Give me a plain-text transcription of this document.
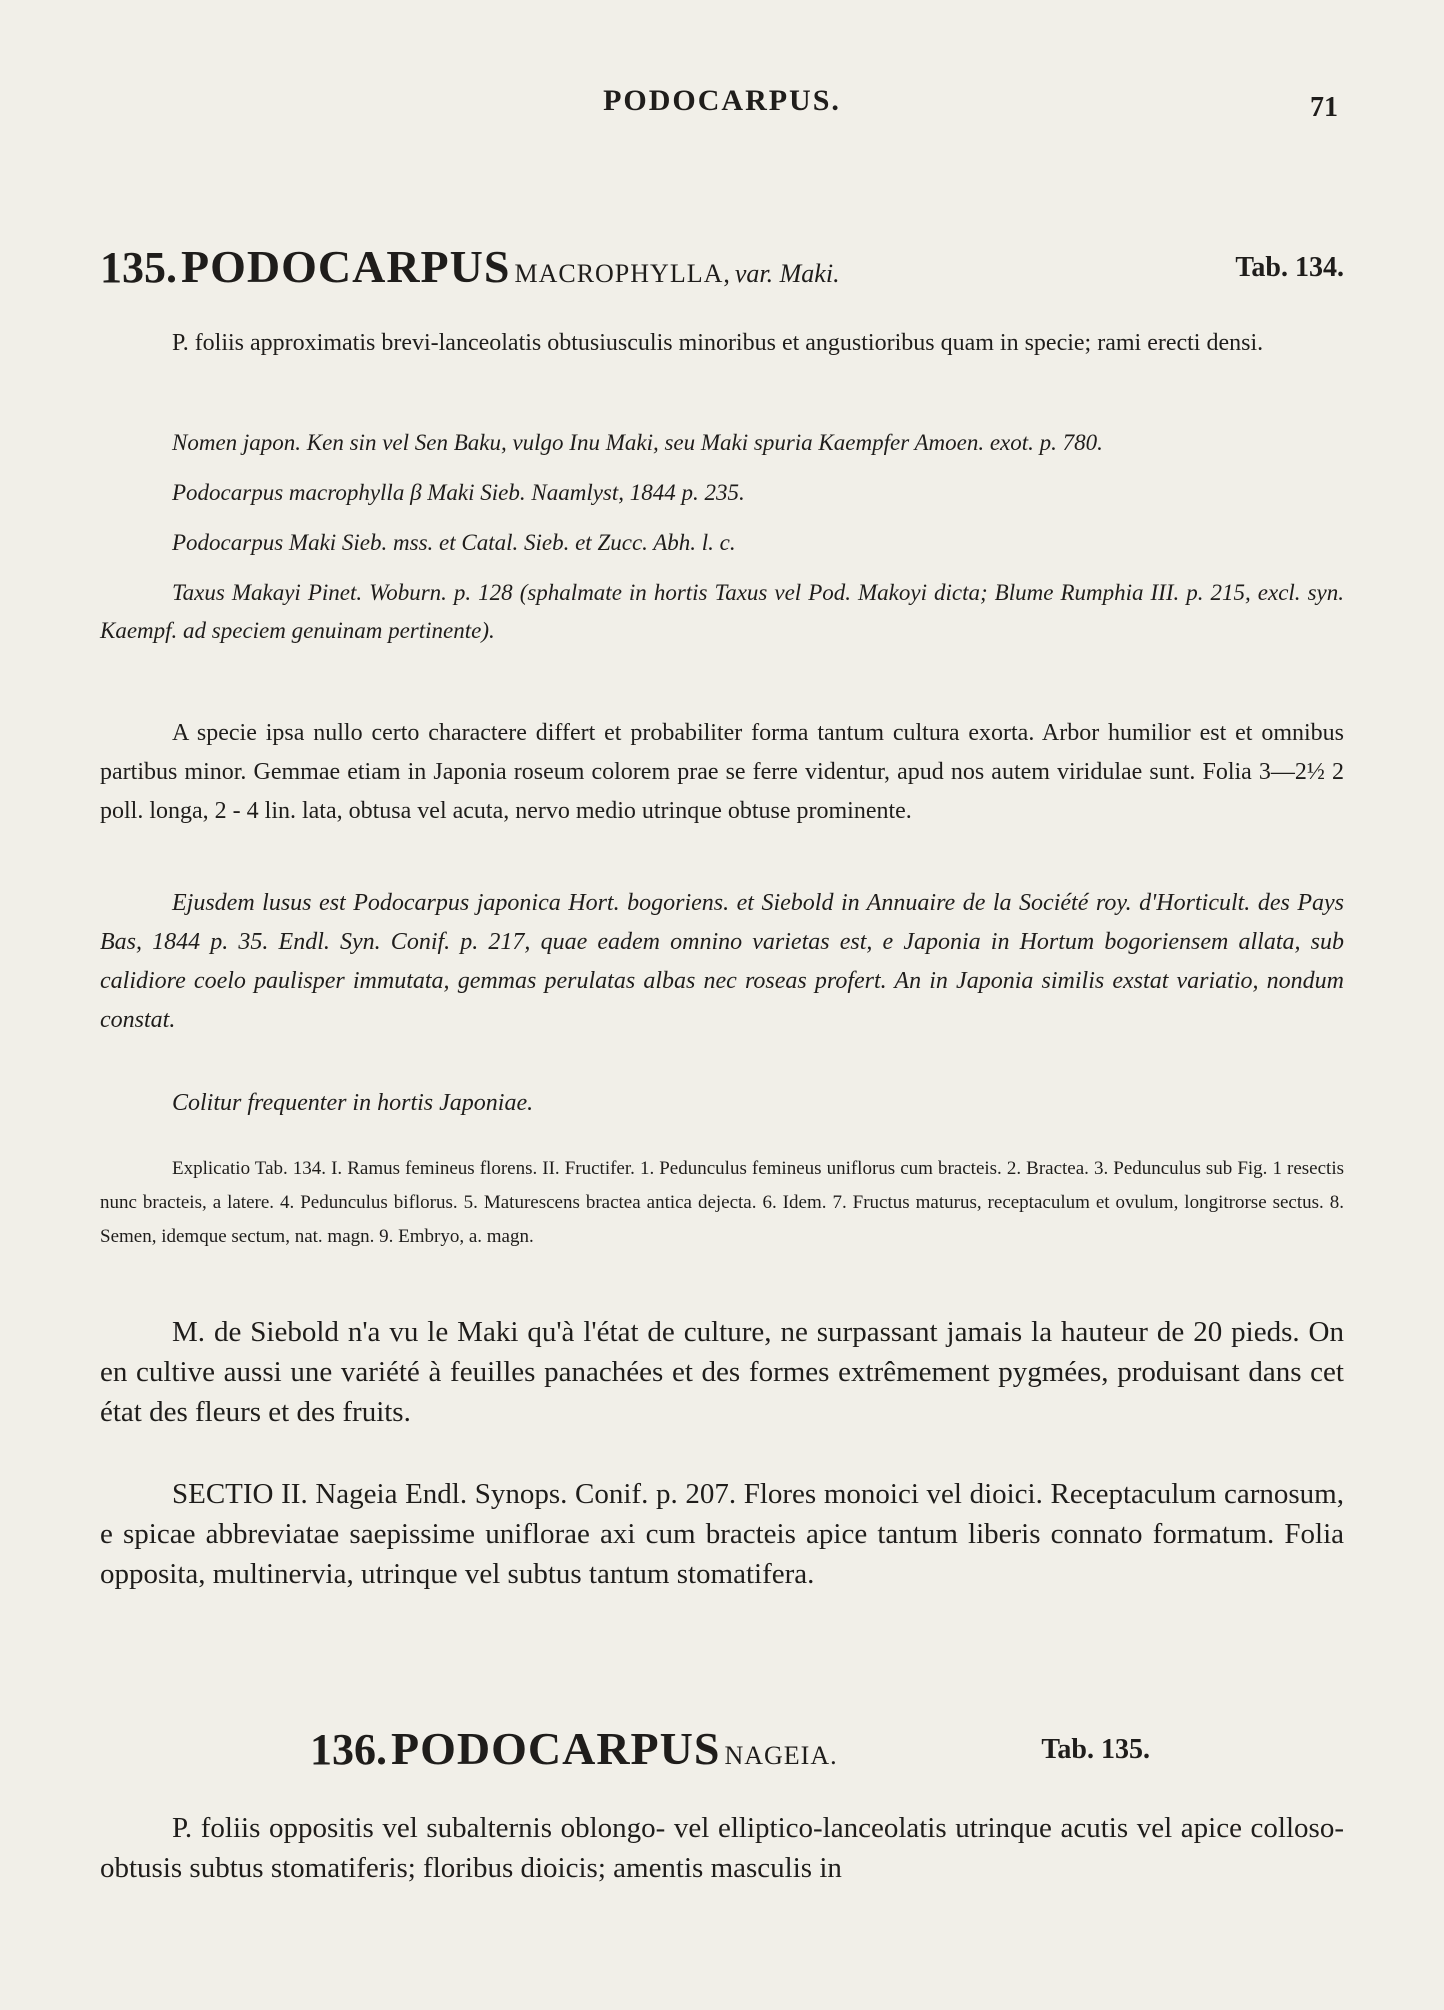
PODOCARPUS.	71
135. PODOCARPUS MACROPHYLLA, var. Maki.	Tab. 134.

P. foliis approximatis brevi-lanceolatis obtusiusculis minoribus et angustioribus quam in specie; rami erecti densi.

Nomen japon. Ken sin vel Sen Baku, vulgo Inu Maki, seu Maki spuria Kaempfer Amoen. exot. p. 780.

Podocarpus macrophylla β Maki Sieb. Naamlyst, 1844 p. 235.

Podocarpus Maki Sieb. mss. et Catal. Sieb. et Zucc. Abh. l. c.

Taxus Makayi Pinet. Woburn. p. 128 (sphalmate in hortis Taxus vel Pod. Makoyi dicta; Blume Rumphia III. p. 215, excl. syn. Kaempf. ad speciem genuinam pertinente).

A specie ipsa nullo certo charactere differt et probabiliter forma tantum cultura exorta. Arbor humilior est et omnibus partibus minor. Gemmae etiam in Japonia roseum colorem prae se ferre videntur, apud nos autem viridulae sunt. Folia 3—2½ 2 poll. longa, 2 - 4 lin. lata, obtusa vel acuta, nervo medio utrinque obtuse prominente.

Ejusdem lusus est Podocarpus japonica Hort. bogoriens. et Siebold in Annuaire de la Société roy. d'Horticult. des Pays Bas, 1844 p. 35. Endl. Syn. Conif. p. 217, quae eadem omnino varietas est, e Japonia in Hortum bogoriensem allata, sub calidiore coelo paulisper immutata, gemmas perulatas albas nec roseas profert. An in Japonia similis exstat variatio, nondum constat.

Colitur frequenter in hortis Japoniae.

Explicatio Tab. 134. I. Ramus femineus florens. II. Fructifer. 1. Pedunculus femineus uniflorus cum bracteis. 2. Bractea. 3. Pedunculus sub Fig. 1 resectis nunc bracteis, a latere. 4. Pedunculus biflorus. 5. Maturescens bractea antica dejecta. 6. Idem. 7. Fructus maturus, receptaculum et ovulum, longitrorse sectus. 8. Semen, idemque sectum, nat. magn. 9. Embryo, a. magn.

M. de Siebold n'a vu le Maki qu'à l'état de culture, ne surpassant jamais la hauteur de 20 pieds. On en cultive aussi une variété à feuilles panachées et des formes extrêmement pygmées, produisant dans cet état des fleurs et des fruits.

SECTIO II. Nageia Endl. Synops. Conif. p. 207. Flores monoici vel dioici. Receptaculum carnosum, e spicae abbreviatae saepissime uniflorae axi cum bracteis apice tantum liberis connato formatum. Folia opposita, multinervia, utrinque vel subtus tantum stomatifera.

136. PODOCARPUS NAGEIA.	Tab. 135.

P. foliis oppositis vel subalternis oblongo- vel elliptico-lanceolatis utrinque acutis vel apice colloso-obtusis subtus stomatiferis; floribus dioicis; amentis masculis in
